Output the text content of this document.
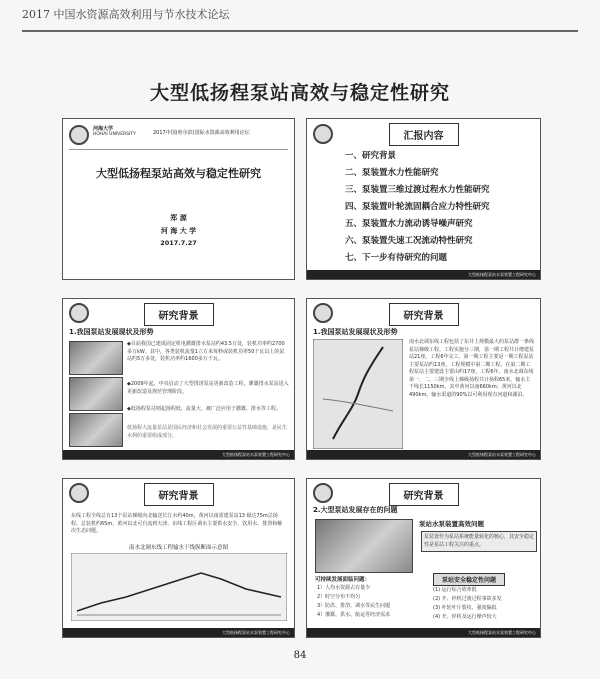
2017 中国水资源高效利用与节水技术论坛
大型低扬程泵站高效与稳定性研究
河海大学
HOHAI UNIVERSITY	2017中国(哈尔滨)国际水资源高效利用论坛
大型低扬程泵站高效与稳定性研究
郑 源
河 海 大 学
2017.7.27
汇报内容
一、研究背景
二、泵装置水力性能研究
三、泵装置三维过渡过程水力性能研究
四、泵装置叶轮流固耦合应力特性研究
五、泵装置水力流动诱导噪声研究
六、泵装置失速工况流动特性研究
七、下一步有待研究的问题
大型低扬程泵站水泵装置工程研究中心
研究背景
1.我国泵站发展现状及形势
◆目前我国已建成固定机电灌溉排水泵站约43.5万处，装机功率约2700多万kW。其中，各类装机流量1立方米每秒或装机功率50千瓦以上的泵站约5万多处，装机功率约1600多万千瓦。
◆2009年起，中央启动了大型排涝泵站更新改造工程，灌溉排水泵站进入更新改造及规范管理阶段。
◆低扬程泵站则起扬程低、流量大、被广泛应用于灌溉、排水等工程。
低扬程大流量泵站是国民经济和社会发展的重要公益性基础设施，是民生水利的重要组成部分。
大型低扬程泵站水泵装置工程研究中心
研究背景
1.我国泵站发展现状及形势
南水北调东线工程包括了东井上规模最大的泵站群一条线泵站梯级工程。工程实施分三期，第一期工程共计增建泵站21座。工程6年完工。第一期工程主要是一期工程泵站主要泵站约13座，工程规模中第二期工程。在第二期工程泵站主要建设主要由约17座。工程6年。南水北调东线第一、二、三期全线上梯级扬程共计扬程65米，输水主干线长1150km，其中黄河以南660km；黄河以北490km。输水渠道的90%以可利用现有河道和湖泊。
大型低扬程泵站水泵装置工程研究中心
研究背景
东线工程全线总有13个泵站梯级向北输送长江水约40m，黄河以南需建泵站13 级达75m总扬程。总装机约65m，黄河以北可自流到天津。东线工程区调水主要供水安全、饮用水、排涝和解决生态问题。
南水北调东线工程输水干线纵断面示意图
大型低扬程泵站水泵装置工程研究中心
研究背景
2.大型泵站发展存在的问题
泵站水泵装置高效问题
泵装置作为泵站系统能量转化的核心，其安全稳定性是泵站工程关注的重点。
可持续发展面临问题：
1）人均水资源占有量少
2）时空分布不均匀
3）防洪、排涝、调水等民生问题
4）灌溉、供水、航运等经济需求
泵站安全稳定性问题
(1) 运行综合效率低
(2) 开、停机过渡过程事故多发
(3) 叶轮叶片裂纹、强度偏低
(4) 开、停机及运行噪声较大
大型低扬程泵站水泵装置工程研究中心
84
